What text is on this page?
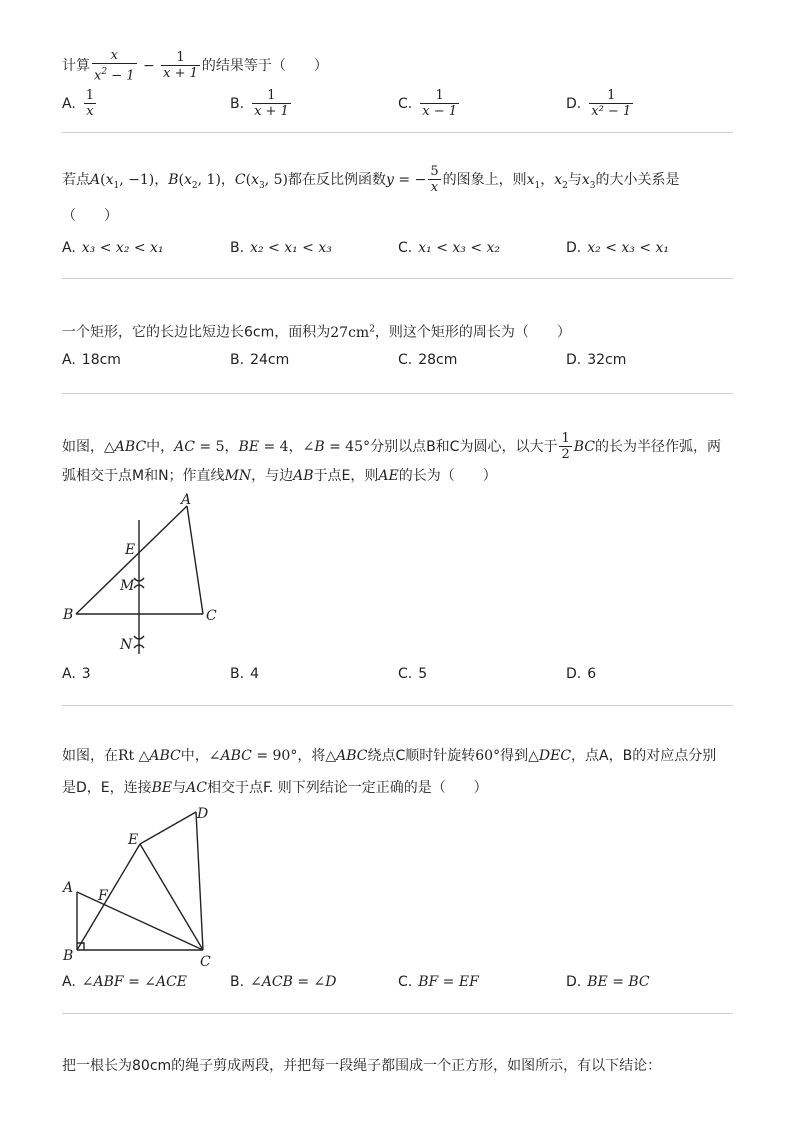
计算 $\frac{x}{x^2 - 1} - \frac{1}{x + 1}$ 的结果等于（　　）
A. $\frac{1}{x}$	B. $\frac{1}{x + 1}$	C. $\frac{1}{x - 1}$	D. $\frac{1}{\text{x² − 1}}$
若点$A(x_1$, −1)，$B(x_2$, 1)，$C(x_3$, 5)都在反比例函数y = − $\frac{5}{x}$ 的图象上，则$x_1$，$x_2$与$x_3$的大小关系是
（　　）
A. x₃ < x₂ < x₁	B. x₂ < x₁ < x₃	C. x₁ < x₃ < x₂	D. x₂ < x₃ < x₁
一个矩形，它的长边比短边长6cm，面积为$27cm^2$，则这个矩形的周长为（　　）
A. 18cm	B. 24cm	C. 28cm	D. 32cm
如图，△ABC中，AC = 5，BE = 4，∠B = 45°分别以点B和C为圆心，以大于 $\frac{1}{2}$ BC的长为半径作弧，两
弧相交于点M和N；作直线MN，与边AB于点E，则AE的长为（　　）
A
B	C
E
M
N
A. 3	B. 4	C. 5	D. 6
如图，在Rt △ABC中，∠ABC = 90°，将△ABC绕点C顺时针旋转60°得到△DEC，点A，B的对应点分别
是D，E，连接BE与AC相交于点F. 则下列结论一定正确的是（　　）
A
B	C
D
E
F
A. ∠ABF = ∠ACE	B. ∠ACB = ∠D	C. BF = EF	D. BE = BC
把一根长为80cm的绳子剪成两段，并把每一段绳子都围成一个正方形，如图所示，有以下结论：
